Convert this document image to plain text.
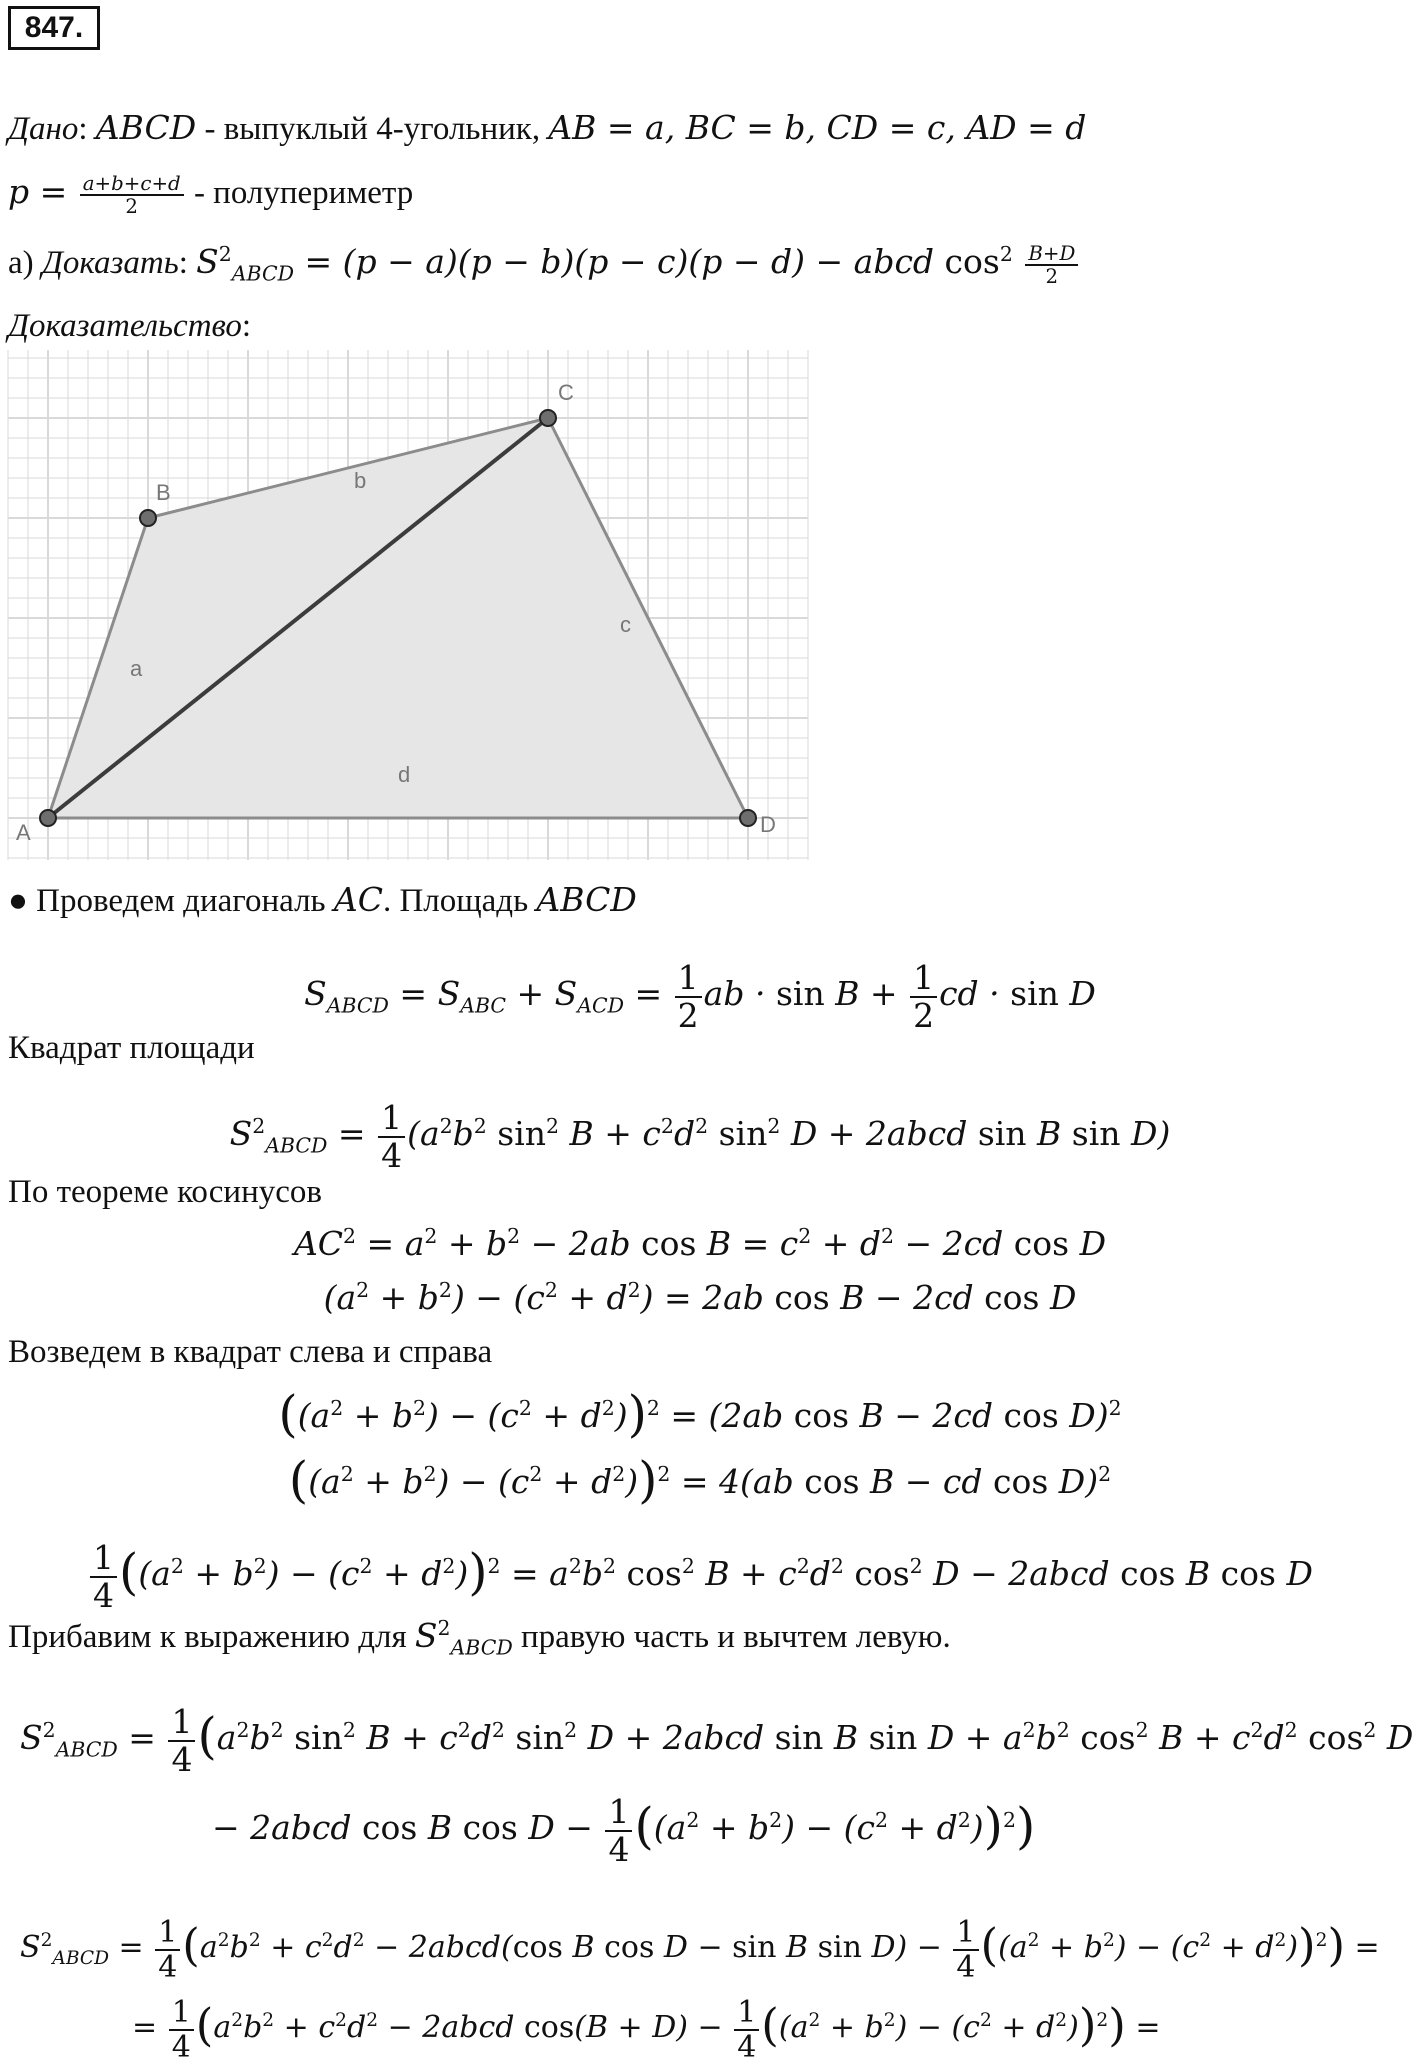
847.
Дано: ABCD - выпуклый 4-угольник, AB = a, BC = b, CD = c, AD = d
$p = \frac{a+b+c+d}{2}$ - полупериметр
а) Доказать: $S^2_{ABCD} = (p - a)(p - b)(p - c)(p - d)$ − abcd $\cos^2 \frac{B+D}{2}$
Доказательство:
A
B
C
D
a
b
c
d
● Проведем диагональ AC. Площадь ABCD
$S_{ABCD} = S_{ABC} + S_{ACD} = \frac{1}{2}$ ab · $\sin B + \frac{1}{2}$ cd · sin D
Квадрат площади
$S^2_{ABCD} = \frac{1}{4} (a^2b^2$ $\sin^2 B + c^2d^2$ $\sin^2 D$ + 2abcd sin B sin D)
По теореме косинусов
$AC^2 = a^2 + b^2 - 2ab$ $\cos B = c^2 + d^2 - 2cd$ cos D
$(a^2 + b^2) - (c^2 + d^2) = 2ab$ cos B − 2cd cos D
Возведем в квадрат слева и справа
$((a^2 + b^2) - (c^2 + d^2))^2 = (2ab$ cos B − 2cd cos D)$^2$
$((a^2 + b^2) - (c^2 + d^2))^2 = 4(ab$ cos B − cd cos D)$^2$
$\frac{1}{4} ((a^2 + b^2) - (c^2 + d^2))^2 = a^2b^2$ $\cos^2 B + c^2d^2$ $\cos^2 D$ − 2abcd cos B cos D
Прибавим к выражению для $S^2_{ABCD}$ правую часть и вычтем левую.
$S^2_{ABCD} = \frac{1}{4} (a^2b^2$ $\sin^2 B + c^2d^2$ $\sin^2 D$ + 2abcd sin B $\sin D + a^2b^2$ $\cos^2 B + c^2d^2$ $\cos^2 D$
− 2abcd cos B $\cos D - \frac{1}{4} ((a^2 + b^2) - (c^2 + d^2))^2$)
$S^2_{ABCD} = \frac{1}{4} (a^2b^2 + c^2d^2$ − 2abcd(cos B cos D − sin B $\sin D) - \frac{1}{4} ((a^2 + b^2) - (c^2 + d^2))^2$) =
= $\frac{1}{4} (a^2b^2 + c^2d^2$ − 2abcd $\cos(B + D) - \frac{1}{4} ((a^2 + b^2) - (c^2 + d^2))^2$) =
